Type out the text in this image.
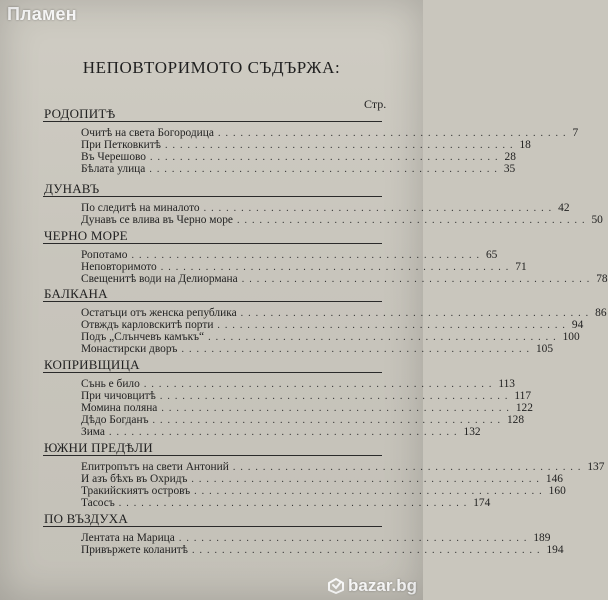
Пламен
НЕПОВТОРИМОТО СЪДЪРЖА:
Стр.
РОДОПИТѢ
Очитѣ на света Богородица ............................................... 7
При Петковкитѣ ............................................... 18
Въ Черешово ............................................... 28
Бѣлата улица ............................................... 35
ДУНАВЪ
По следитѣ на миналото ............................................... 42
Дунавъ се влива въ Черно море ............................................... 50
ЧЕРНО МОРЕ
Ропотамо ............................................... 65
Неповторимото ............................................... 71
Свещенитѣ води на Делиормана ............................................... 78
БАЛКАНА
Остатъци отъ женска република ............................................... 86
Отвждъ карловскитѣ порти ............................................... 94
Подъ „Слънчевъ камъкъ“ ............................................... 100
Монастирски дворъ ............................................... 105
КОПРИВЩИЦА
Сънь е било ............................................... 113
При чичовцитѣ ............................................... 117
Момина поляна ............................................... 122
Дѣдо Богданъ ............................................... 128
Зима ............................................... 132
ЮЖНИ ПРЕДѢЛИ
Епитропътъ на свети Антоний ............................................... 137
И азъ бѣхъ въ Охридъ ............................................... 146
Тракийскиятъ островъ ............................................... 160
Тасосъ ............................................... 174
ПО ВЪЗДУХА
Лентата на Марица ............................................... 189
Привържете коланитѣ ............................................... 194
bazar.bg
